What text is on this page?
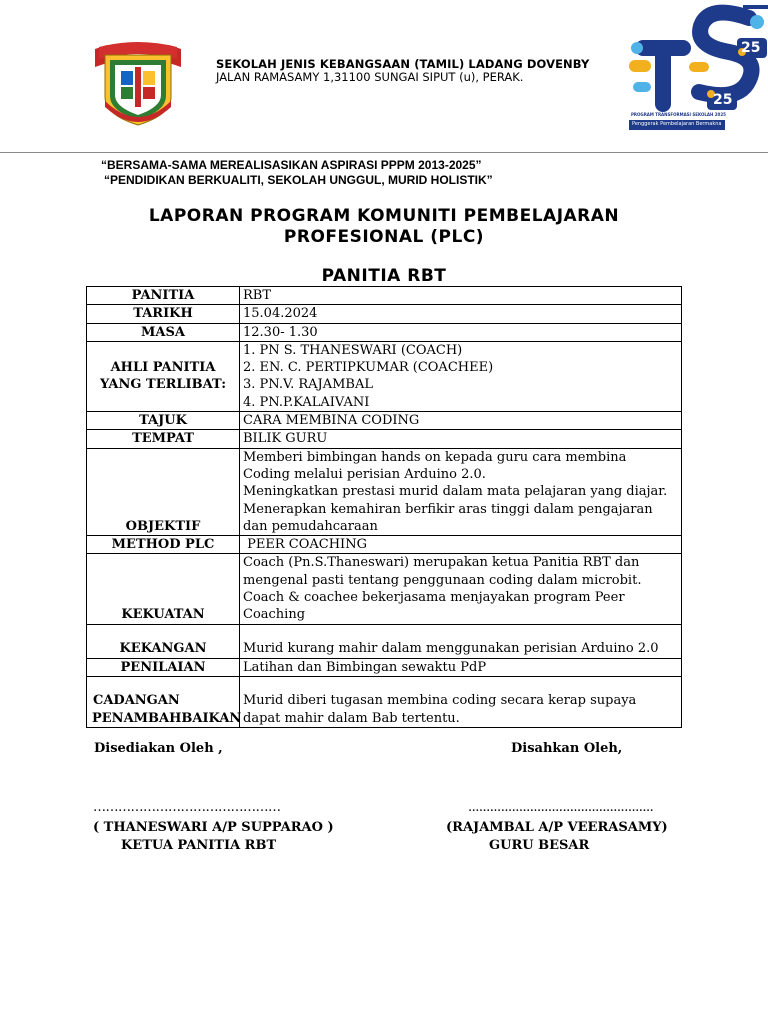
SEKOLAH JENIS KEBANGSAAN (TAMIL) LADANG DOVENBY
JALAN RAMASAMY 1,31100 SUNGAI SIPUT (u), PERAK.
25
25
PROGRAM TRANSFORMASI SEKOLAH 2025
Penggerak Pembelajaran Bermakna
“BERSAMA-SAMA MEREALISASIKAN ASPIRASI PPPM 2013-2025”
“PENDIDIKAN BERKUALITI, SEKOLAH UNGGUL, MURID HOLISTIK”
LAPORAN PROGRAM KOMUNITI PEMBELAJARAN
PROFESIONAL (PLC)
PANITIA RBT
PANITIA	RBT
TARIKH	15.04.2024
MASA	12.30- 1.30

AHLI PANITIA
YANG TERLIBAT:	1. PN S. THANESWARI (COACH)
2. EN. C. PERTIPKUMAR (COACHEE)
3. PN.V. RAJAMBAL
4. PN.P.KALAIVANI

TAJUK	CARA MEMBINA CODING
TEMPAT	BILIK GURU
OBJEKTIF	Memberi bimbingan hands on kepada guru cara membina
Coding melalui perisian Arduino 2.0.
Meningkatkan prestasi murid dalam mata pelajaran yang diajar.
Menerapkan kemahiran berfikir aras tinggi dalam pengajaran
dan pemudahcaraan

METHOD PLC	PEER COACHING
KEKUATAN	Coach (Pn.S.Thaneswari) merupakan ketua Panitia RBT dan
mengenal pasti tentang penggunaan coding dalam microbit.
Coach & coachee bekerjasama menjayakan program Peer
Coaching

KEKANGAN	Murid kurang mahir dalam menggunakan perisian Arduino 2.0
PENILAIAN	Latihan dan Bimbingan sewaktu PdP

CADANGAN
PENAMBAHBAIKAN	Murid diberi tugasan membina coding secara kerap supaya
dapat mahir dalam Bab tertentu.
Disediakan Oleh ,	Disahkan Oleh,
………………………………………	...................................................
( THANESWARI A/P SUPPARAO )
KETUA PANITIA RBT
(RAJAMBAL A/P VEERASAMY)
GURU BESAR
